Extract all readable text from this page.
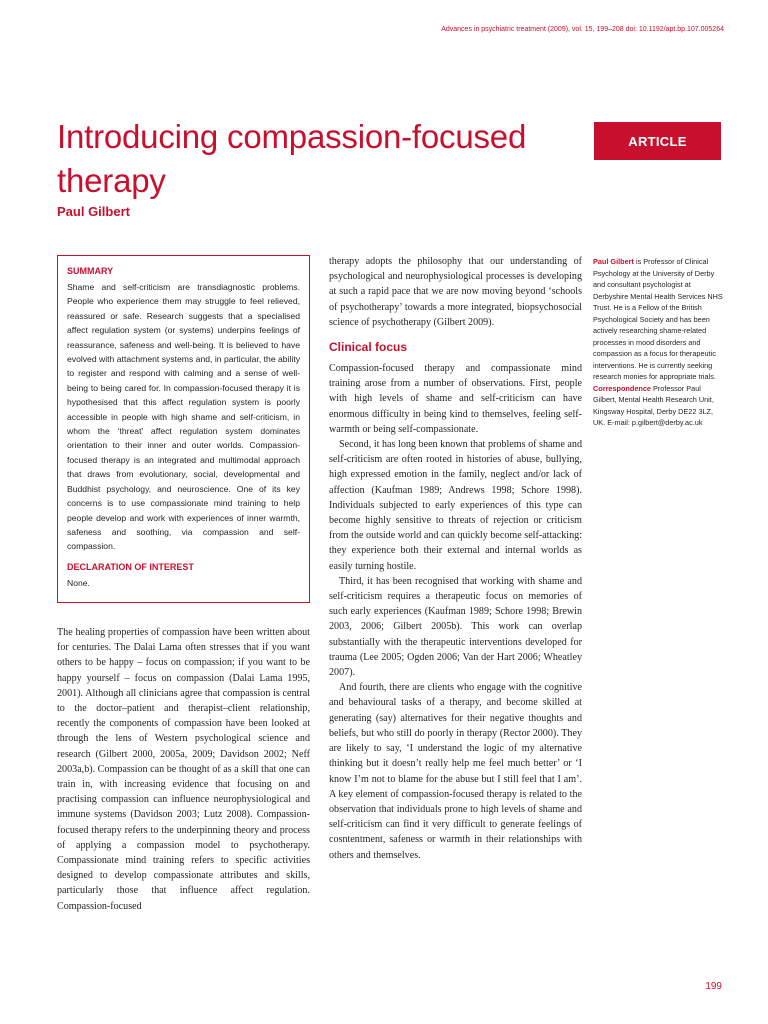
Advances in psychiatric treatment (2009), vol. 15, 199–208 doi: 10.1192/apt.bp.107.005264
Introducing compassion-focused therapy

Paul Gilbert

ARTICLE

SUMMARY

Shame and self-criticism are transdiagnostic problems. People who experience them may struggle to feel relieved, reassured or safe. Research suggests that a specialised affect regulation system (or systems) underpins feelings of reassurance, safeness and well-being. It is believed to have evolved with attachment systems and, in particular, the ability to register and respond with calming and a sense of well-being to being cared for. In compassion-focused therapy it is hypothesised that this affect regulation system is poorly accessible in people with high shame and self-criticism, in whom the ‘threat’ affect regulation system dominates orientation to their inner and outer worlds. Compassion-focused therapy is an integrated and multimodal approach that draws from evolutionary, social, developmental and Buddhist psychology, and neuroscience. One of its key concerns is to use compassionate mind training to help people develop and work with experiences of inner warmth, safeness and soothing, via compassion and self-compassion.

DECLARATION OF INTEREST

None.

The healing properties of compassion have been written about for centuries. The Dalai Lama often stresses that if you want others to be happy – focus on compassion; if you want to be happy yourself – focus on compassion (Dalai Lama 1995, 2001). Although all clinicians agree that compassion is central to the doctor–patient and therapist–client relationship, recently the components of compassion have been looked at through the lens of Western psychological science and research (Gilbert 2000, 2005a, 2009; Davidson 2002; Neff 2003a,b). Compassion can be thought of as a skill that one can train in, with increasing evidence that focusing on and practising compassion can influence neurophysiological and immune systems (Davidson 2003; Lutz 2008). Compassion-focused therapy refers to the underpinning theory and process of applying a compassion model to psychotherapy. Compassionate mind training refers to specific activities designed to develop compassionate attributes and skills, particularly those that influence affect regulation. Compassion-focused

therapy adopts the philosophy that our understanding of psychological and neurophysiological processes is developing at such a rapid pace that we are now moving beyond ‘schools of psychotherapy’ towards a more integrated, biopsychosocial science of psychotherapy (Gilbert 2009).

Clinical focus

Compassion-focused therapy and compassionate mind training arose from a number of observations. First, people with high levels of shame and self-criticism can have enormous difficulty in being kind to themselves, feeling self-warmth or being self-compassionate.

Second, it has long been known that problems of shame and self-criticism are often rooted in histories of abuse, bullying, high expressed emotion in the family, neglect and/or lack of affection (Kaufman 1989; Andrews 1998; Schore 1998). Individuals subjected to early experiences of this type can become highly sensitive to threats of rejection or criticism from the outside world and can quickly become self-attacking: they experience both their external and internal worlds as easily turning hostile.

Third, it has been recognised that working with shame and self-criticism requires a therapeutic focus on memories of such early experiences (Kaufman 1989; Schore 1998; Brewin 2003, 2006; Gilbert 2005b). This work can overlap substantially with the therapeutic interventions developed for trauma (Lee 2005; Ogden 2006; Van der Hart 2006; Wheatley 2007).

And fourth, there are clients who engage with the cognitive and behavioural tasks of a therapy, and become skilled at generating (say) alternatives for their negative thoughts and beliefs, but who still do poorly in therapy (Rector 2000). They are likely to say, ‘I understand the logic of my alternative thinking but it doesn’t really help me feel much better’ or ‘I know I’m not to blame for the abuse but I still feel that I am’. A key element of compassion-focused therapy is related to the observation that individuals prone to high levels of shame and self-criticism can find it very difficult to generate feelings of cosntentment, safeness or warmth in their relationships with others and themselves.

Paul Gilbert is Professor of Clinical Psychology at the University of Derby and consultant psychologist at Derbyshire Mental Health Services NHS Trust. He is a Fellow of the British Psychological Society and has been actively researching shame-related processes in mood disorders and compassion as a focus for therapeutic interventions. He is currently seeking research monies for appropriate trials.

Correspondence Professor Paul Gilbert, Mental Health Research Unit, Kingsway Hospital, Derby DE22 3LZ, UK. E-mail: p.gilbert@derby.ac.uk

199
